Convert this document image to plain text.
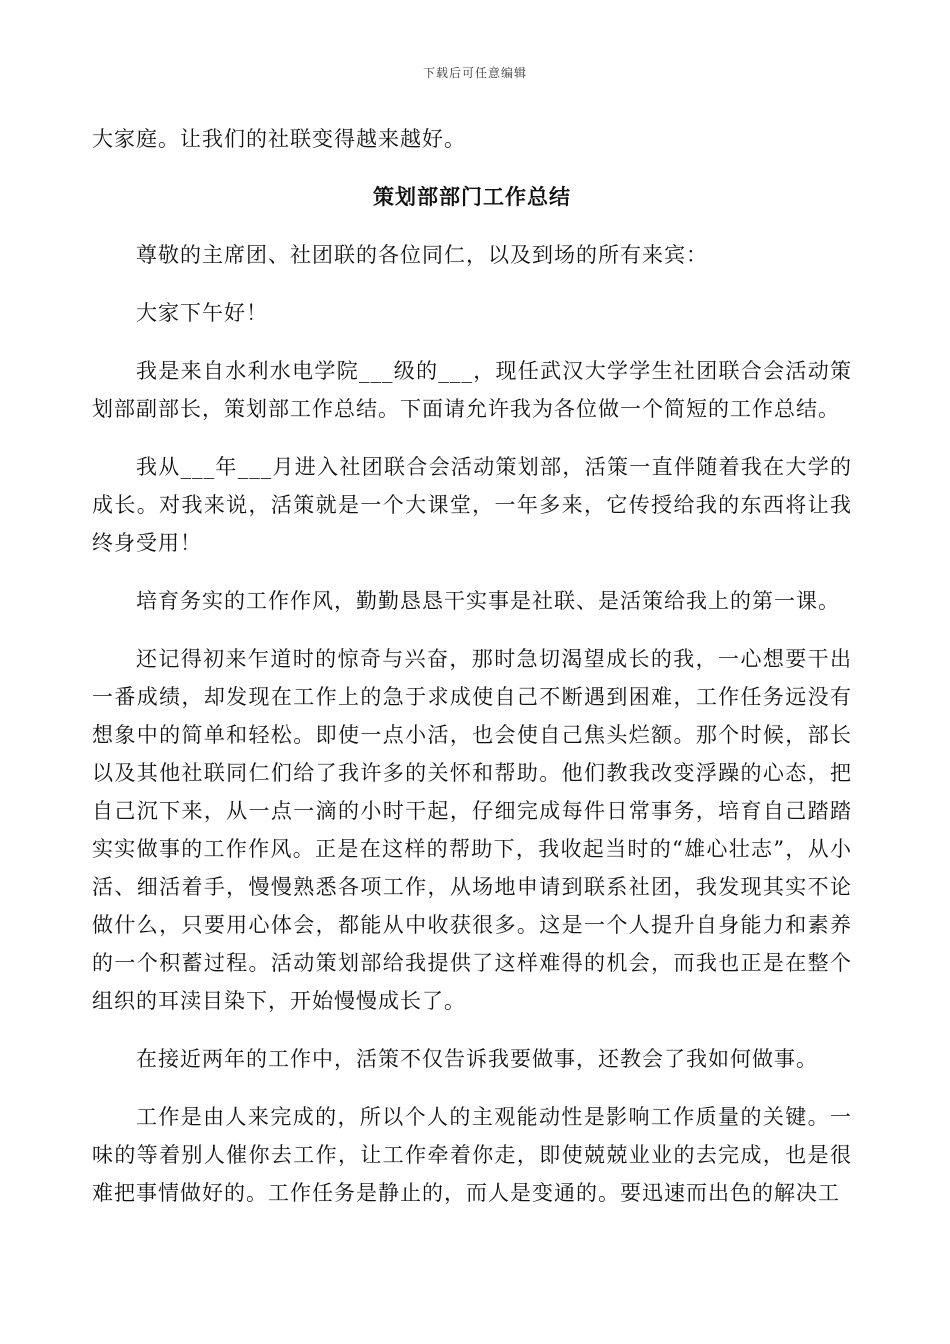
下载后可任意编辑

大家庭。让我们的社联变得越来越好。

策划部部门工作总结

尊敬的主席团、社团联的各位同仁，以及到场的所有来宾：

大家下午好！

我是来自水利水电学院___级的___，现任武汉大学学生社团联合会活动策划部副部长，策划部工作总结。下面请允许我为各位做一个简短的工作总结。

我从___年___月进入社团联合会活动策划部，活策一直伴随着我在大学的成长。对我来说，活策就是一个大课堂，一年多来，它传授给我的东西将让我终身受用！

培育务实的工作作风，勤勤恳恳干实事是社联、是活策给我上的第一课。

还记得初来乍道时的惊奇与兴奋，那时急切渴望成长的我，一心想要干出一番成绩，却发现在工作上的急于求成使自己不断遇到困难，工作任务远没有想象中的简单和轻松。即使一点小活，也会使自己焦头烂额。那个时候，部长以及其他社联同仁们给了我许多的关怀和帮助。他们教我改变浮躁的心态，把自己沉下来，从一点一滴的小时干起，仔细完成每件日常事务，培育自己踏踏实实做事的工作作风。正是在这样的帮助下，我收起当时的“雄心壮志”，从小活、细活着手，慢慢熟悉各项工作，从场地申请到联系社团，我发现其实不论做什么，只要用心体会，都能从中收获很多。这是一个人提升自身能力和素养的一个积蓄过程。活动策划部给我提供了这样难得的机会，而我也正是在整个组织的耳渎目染下，开始慢慢成长了。

在接近两年的工作中，活策不仅告诉我要做事，还教会了我如何做事。

工作是由人来完成的，所以个人的主观能动性是影响工作质量的关键。一味的等着别人催你去工作，让工作牵着你走，即使兢兢业业的去完成，也是很难把事情做好的。工作任务是静止的，而人是变通的。要迅速而出色的解决工
